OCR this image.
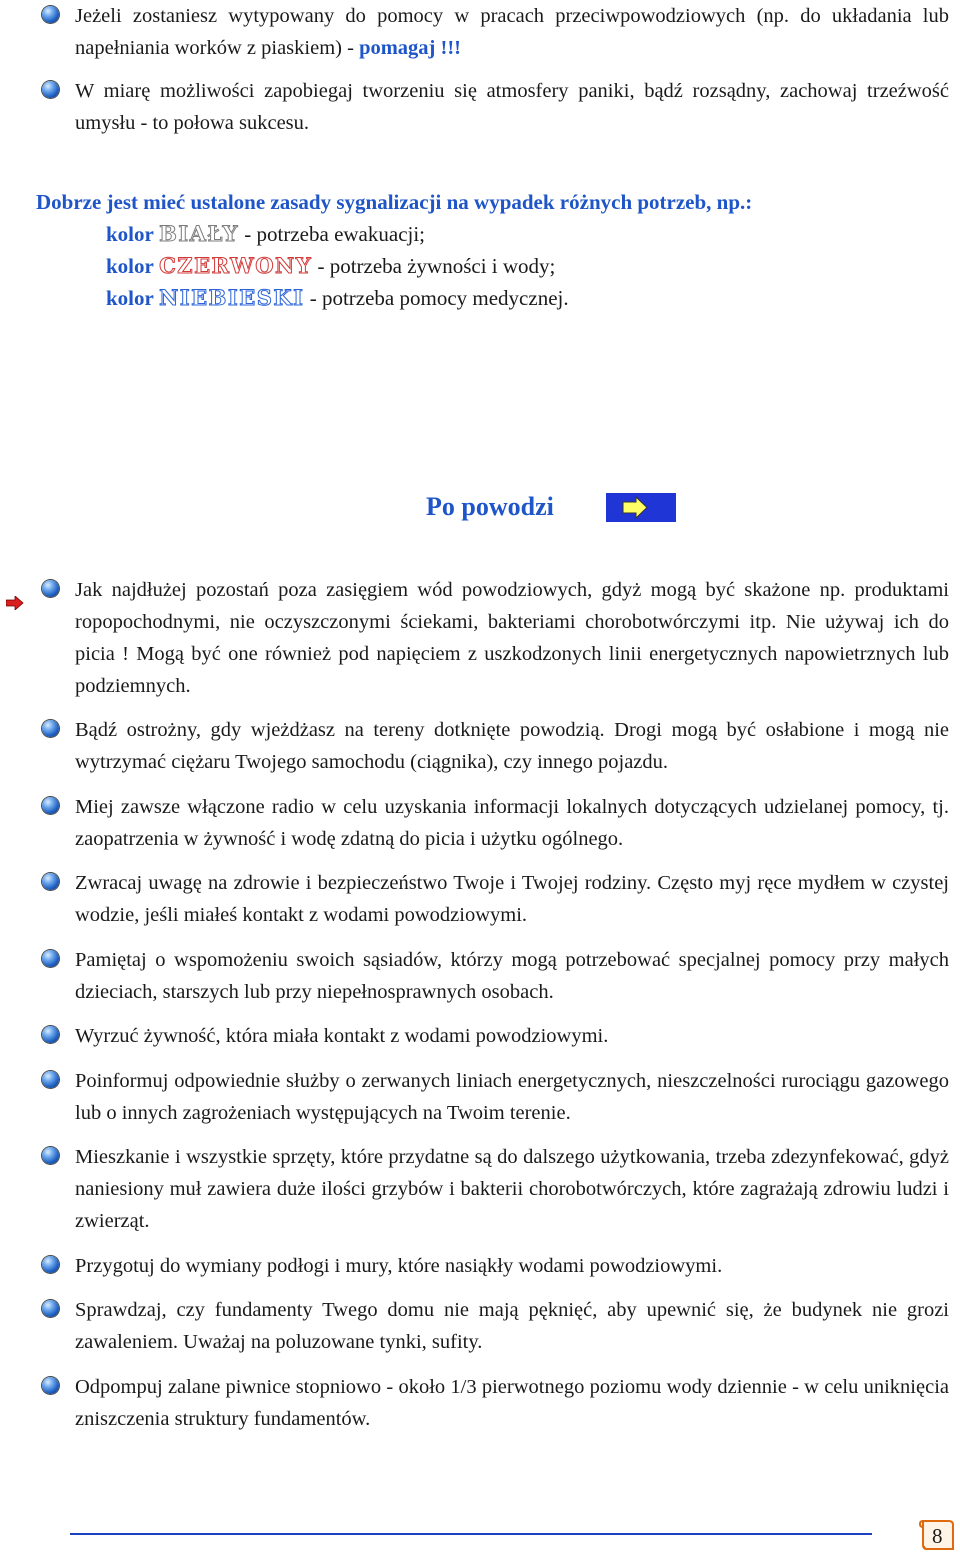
Jeżeli zostaniesz wytypowany do pomocy w pracach przeciwpowodziowych (np. do układania lub napełniania worków z piaskiem) - pomagaj !!!
W miarę możliwości zapobiegaj tworzeniu się atmosfery paniki, bądź rozsądny, zachowaj trzeźwość umysłu - to połowa sukcesu.
Dobrze jest mieć ustalone zasady sygnalizacji na wypadek różnych potrzeb, np.:
kolor BIAŁY - potrzeba ewakuacji;
kolor CZERWONY - potrzeba żywności i wody;
kolor NIEBIESKI - potrzeba pomocy medycznej.
Po powodzi
Jak najdłużej pozostań poza zasięgiem wód powodziowych, gdyż mogą być skażone np. produktami ropopochodnymi, nie oczyszczonymi ściekami, bakteriami chorobotwórczymi itp. Nie używaj ich do picia ! Mogą być one również pod napięciem z uszkodzonych linii energetycznych napowietrznych lub podziemnych.
Bądź ostrożny, gdy wjeżdżasz na tereny dotknięte powodzią. Drogi mogą być osłabione i mogą nie wytrzymać ciężaru Twojego samochodu (ciągnika), czy innego pojazdu.
Miej zawsze włączone radio w celu uzyskania informacji lokalnych dotyczących udzielanej pomocy, tj. zaopatrzenia w żywność i wodę zdatną do picia i użytku ogólnego.
Zwracaj uwagę na zdrowie i bezpieczeństwo Twoje i Twojej rodziny. Często myj ręce mydłem w czystej wodzie, jeśli miałeś kontakt z wodami powodziowymi.
Pamiętaj o wspomożeniu swoich sąsiadów, którzy mogą potrzebować specjalnej pomocy przy małych dzieciach, starszych lub przy niepełnosprawnych osobach.
Wyrzuć żywność, która miała kontakt z wodami powodziowymi.
Poinformuj odpowiednie służby o zerwanych liniach energetycznych, nieszczelności rurociągu gazowego lub o innych zagrożeniach występujących na Twoim terenie.
Mieszkanie i wszystkie sprzęty, które przydatne są do dalszego użytkowania, trzeba zdezynfekować, gdyż naniesiony muł zawiera duże ilości grzybów i bakterii chorobotwórczych, które zagrażają zdrowiu ludzi i zwierząt.
Przygotuj do wymiany podłogi i mury, które nasiąkły wodami powodziowymi.
Sprawdzaj, czy fundamenty Twego domu nie mają pęknięć, aby upewnić się, że budynek nie grozi zawaleniem. Uważaj na poluzowane tynki, sufity.
Odpompuj zalane piwnice stopniowo - około 1/3 pierwotnego poziomu wody dziennie - w celu uniknięcia zniszczenia struktury fundamentów.
8
